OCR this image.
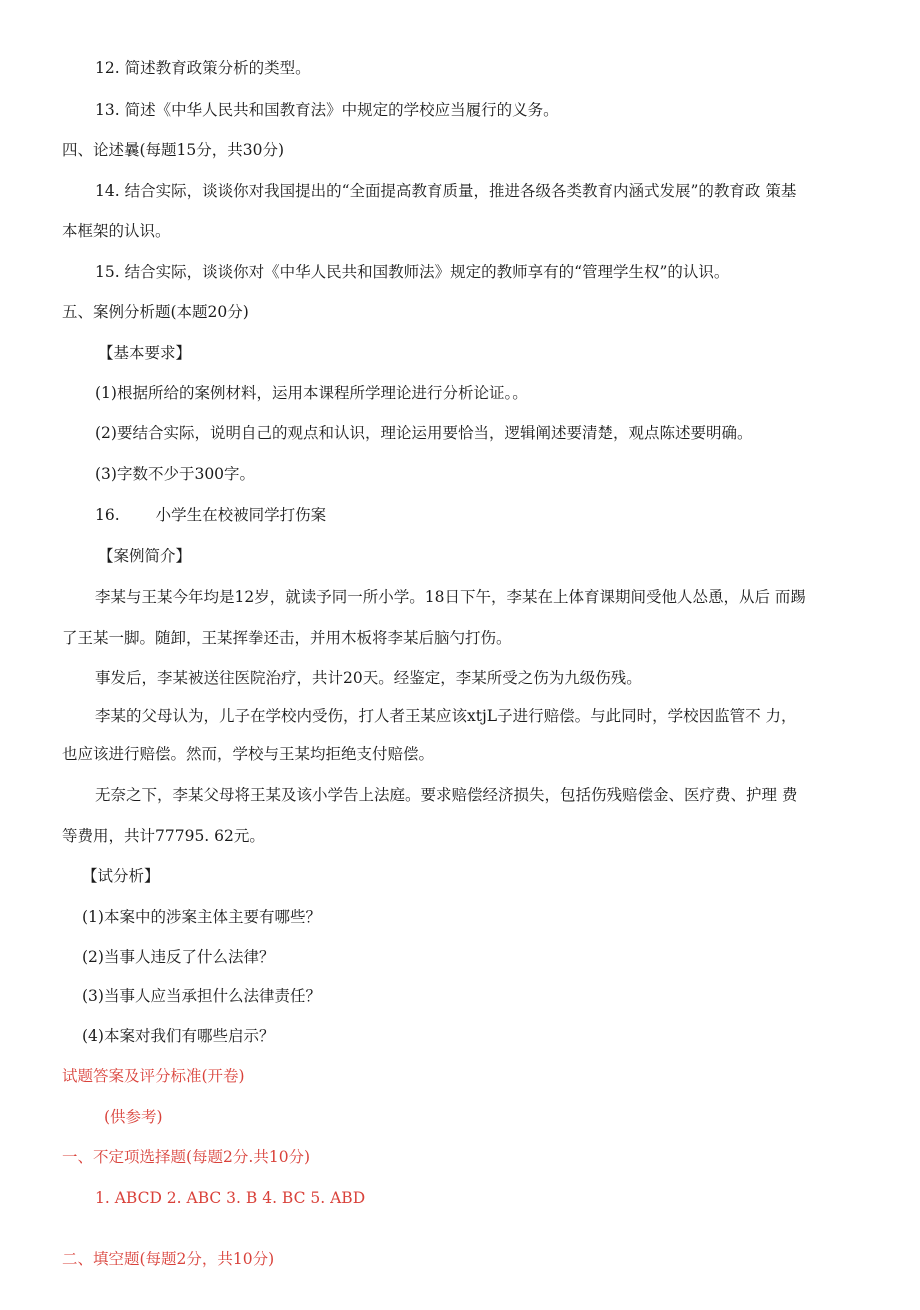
12. 简述教育政策分析的类型。
13. 简述《中华人民共和国教育法》中规定的学校应当履行的义务。
四、论述曩(每题15分，共30分)
14. 结合实际，谈谈你对我国提出的“全面提高教育质量，推进各级各类教育内涵式发展”的教育政 策基
本框架的认识。
15. 结合实际，谈谈你对《中华人民共和国教师法》规定的教师享有的“管理学生权”的认识。
五、案例分析题(本题20分)
【基本要求】
(1)根据所给的案例材料，运用本课程所学理论进行分析论证。。
(2)要结合实际，说明自己的观点和认识，理论运用要恰当，逻辑阐述要清楚，观点陈述要明确。
(3)字数不少于300字。
16.　　 小学生在校被同学打伤案
【案例简介】
李某与王某今年均是12岁，就读予同一所小学。18日下午，李某在上体育课期间受他人怂恿，从后 而踢
了王某一脚。随卸，王某挥拳还击，并用木板将李某后脑勺打伤。
事发后，李某被送往医院治疗，共计20天。经鉴定，李某所受之伤为九级伤残。
李某的父母认为，儿子在学校内受伤，打人者王某应该xtjL子进行赔偿。与此同时，学校因监管不 力，
也应该进行赔偿。然而，学校与王某均拒绝支付赔偿。
无奈之下，李某父母将王某及该小学告上法庭。要求赔偿经济损失，包括伤残赔偿金、医疗费、护理 费
等费用，共计77795. 62元。
【试分析】
(1)本案中的涉案主体主要有哪些？
(2)当事人违反了什么法律？
(3)当事人应当承担什么法律责任？
(4)本案对我们有哪些启示？
试题答案及评分标准(开卷)
(供参考)
一、不定项选择题(每题2分.共10分)
1. ABCD 2. ABC 3. B 4. BC 5. ABD
二、填空题(每题2分，共10分)
